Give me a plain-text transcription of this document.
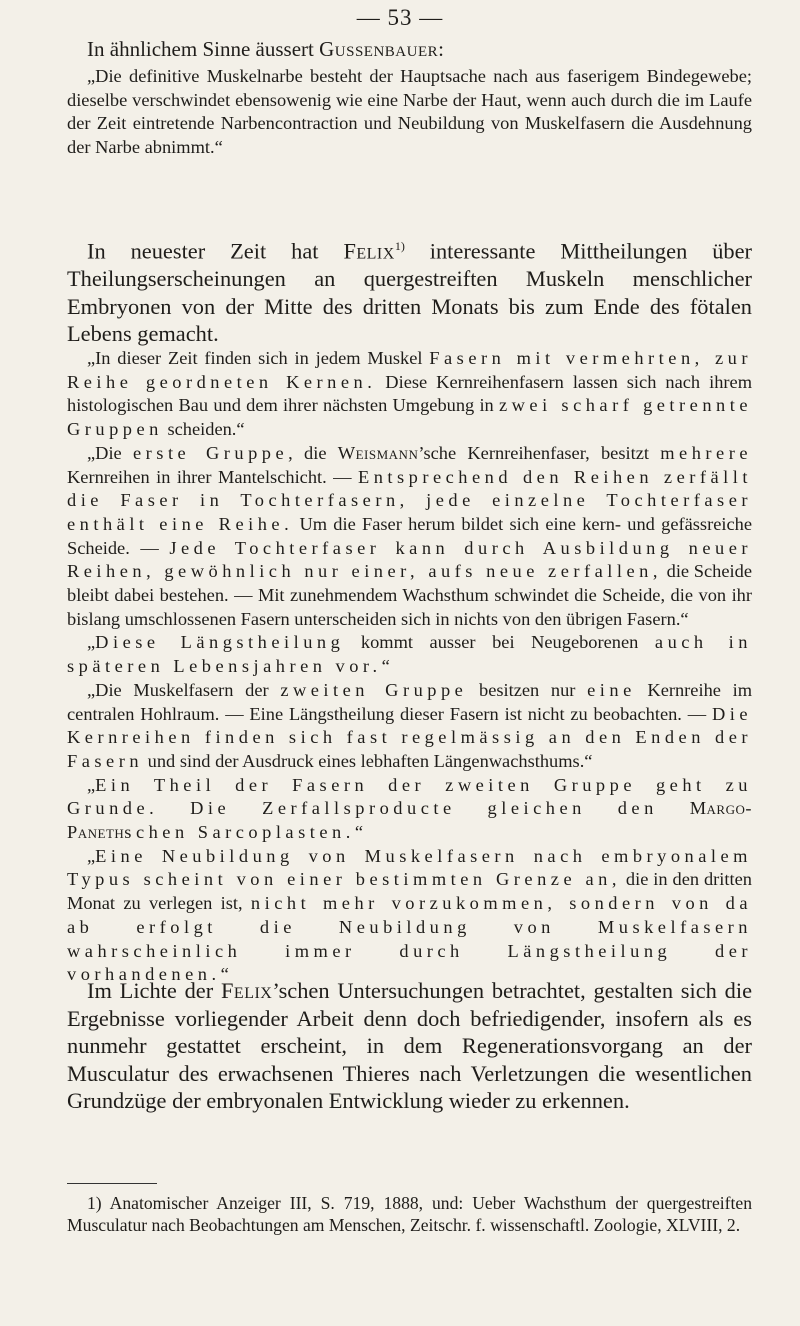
— 53 —

In ähnlichem Sinne äussert Gussenbauer:

„Die definitive Muskelnarbe besteht der Hauptsache nach aus faserigem Bindegewebe; dieselbe verschwindet ebensowenig wie eine Narbe der Haut, wenn auch durch die im Laufe der Zeit eintretende Narbencontraction und Neubildung von Muskelfasern die Ausdehnung der Narbe abnimmt.“

In neuester Zeit hat Felix$^{1)}$ interessante Mittheilungen über Theilungserscheinungen an quergestreiften Muskeln menschlicher Embryonen von der Mitte des dritten Monats bis zum Ende des fötalen Lebens gemacht.

„In dieser Zeit finden sich in jedem Muskel Fasern mit vermehrten, zur Reihe geordneten Kernen. Diese Kernreihenfasern lassen sich nach ihrem histologischen Bau und dem ihrer nächsten Umgebung in zwei scharf getrennte Gruppen scheiden.“

„Die erste Gruppe, die Weismann’sche Kernreihenfaser, besitzt mehrere Kernreihen in ihrer Mantelschicht. — Entsprechend den Reihen zerfällt die Faser in Tochterfasern, jede einzelne Tochterfaser enthält eine Reihe. Um die Faser herum bildet sich eine kern- und gefässreiche Scheide. — Jede Tochterfaser kann durch Ausbildung neuer Reihen, gewöhnlich nur einer, aufs neue zerfallen, die Scheide bleibt dabei bestehen. — Mit zunehmendem Wachsthum schwindet die Scheide, die von ihr bislang umschlossenen Fasern unterscheiden sich in nichts von den übrigen Fasern.“

„Diese Längstheilung kommt ausser bei Neugeborenen auch in späteren Lebensjahren vor.“

„Die Muskelfasern der zweiten Gruppe besitzen nur eine Kernreihe im centralen Hohlraum. — Eine Längstheilung dieser Fasern ist nicht zu beobachten. — Die Kernreihen finden sich fast regelmässig an den Enden der Fasern und sind der Ausdruck eines lebhaften Längenwachsthums.“

„Ein Theil der Fasern der zweiten Gruppe geht zu Grunde. Die Zerfallsproducte gleichen den Margo-Panethschen Sarcoplasten.“

„Eine Neubildung von Muskelfasern nach embryonalem Typus scheint von einer bestimmten Grenze an, die in den dritten Monat zu verlegen ist, nicht mehr vorzukommen, sondern von da ab erfolgt die Neubildung von Muskelfasern wahrscheinlich immer durch Längstheilung der vorhandenen.“

Im Lichte der Felix’schen Untersuchungen betrachtet, gestalten sich die Ergebnisse vorliegender Arbeit denn doch befriedigender, insofern als es nunmehr gestattet erscheint, in dem Regenerationsvorgang an der Musculatur des erwachsenen Thieres nach Verletzungen die wesentlichen Grundzüge der embryonalen Entwicklung wieder zu erkennen.

1) Anatomischer Anzeiger III, S. 719, 1888, und: Ueber Wachsthum der quergestreiften Musculatur nach Beobachtungen am Menschen, Zeitschr. f. wissenschaftl. Zoologie, XLVIII, 2.
